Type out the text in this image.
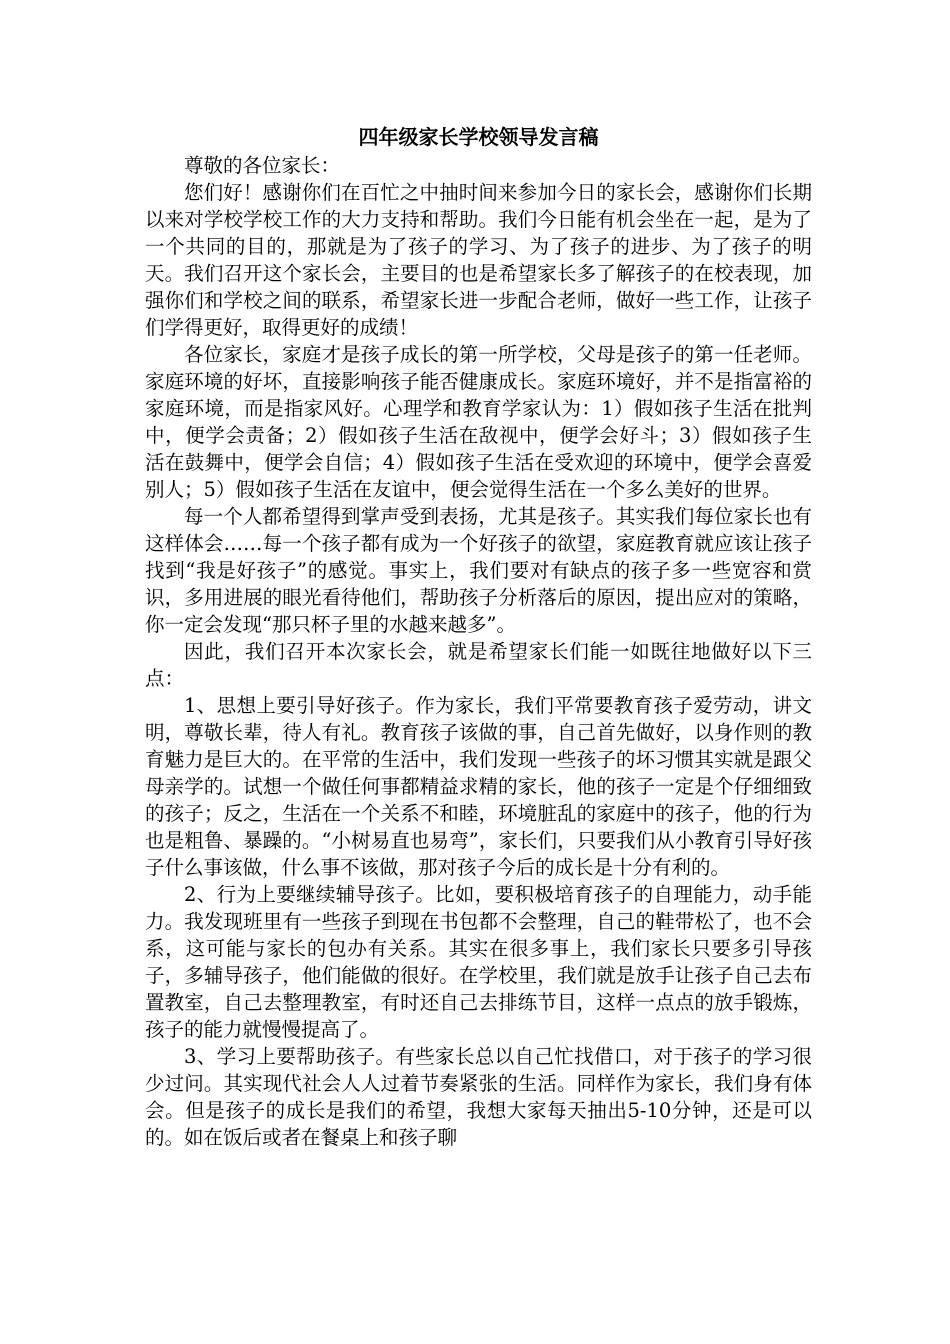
四年级家长学校领导发言稿

尊敬的各位家长：

您们好！感谢你们在百忙之中抽时间来参加今日的家长会，感谢你们长期以来对学校学校工作的大力支持和帮助。我们今日能有机会坐在一起，是为了一个共同的目的，那就是为了孩子的学习、为了孩子的进步、为了孩子的明天。我们召开这个家长会，主要目的也是希望家长多了解孩子的在校表现，加强你们和学校之间的联系，希望家长进一步配合老师，做好一些工作，让孩子们学得更好，取得更好的成绩！

各位家长，家庭才是孩子成长的第一所学校，父母是孩子的第一任老师。家庭环境的好坏，直接影响孩子能否健康成长。家庭环境好，并不是指富裕的家庭环境，而是指家风好。心理学和教育学家认为：1）假如孩子生活在批判中，便学会责备；2）假如孩子生活在敌视中，便学会好斗；3）假如孩子生活在鼓舞中，便学会自信；4）假如孩子生活在受欢迎的环境中，便学会喜爱别人；5）假如孩子生活在友谊中，便会觉得生活在一个多么美好的世界。

每一个人都希望得到掌声受到表扬，尤其是孩子。其实我们每位家长也有这样体会……每一个孩子都有成为一个好孩子的欲望，家庭教育就应该让孩子找到“我是好孩子”的感觉。事实上，我们要对有缺点的孩子多一些宽容和赏识，多用进展的眼光看待他们，帮助孩子分析落后的原因，提出应对的策略，你一定会发现“那只杯子里的水越来越多”。

因此，我们召开本次家长会，就是希望家长们能一如既往地做好以下三点：

1、思想上要引导好孩子。作为家长，我们平常要教育孩子爱劳动，讲文明，尊敬长辈，待人有礼。教育孩子该做的事，自己首先做好，以身作则的教育魅力是巨大的。在平常的生活中，我们发现一些孩子的坏习惯其实就是跟父母亲学的。试想一个做任何事都精益求精的家长，他的孩子一定是个仔细细致的孩子；反之，生活在一个关系不和睦，环境脏乱的家庭中的孩子，他的行为也是粗鲁、暴躁的。“小树易直也易弯”，家长们，只要我们从小教育引导好孩子什么事该做，什么事不该做，那对孩子今后的成长是十分有利的。

2、行为上要继续辅导孩子。比如，要积极培育孩子的自理能力，动手能力。我发现班里有一些孩子到现在书包都不会整理，自己的鞋带松了，也不会系，这可能与家长的包办有关系。其实在很多事上，我们家长只要多引导孩子，多辅导孩子，他们能做的很好。在学校里，我们就是放手让孩子自己去布置教室，自己去整理教室，有时还自己去排练节目，这样一点点的放手锻炼，孩子的能力就慢慢提高了。

3、学习上要帮助孩子。有些家长总以自己忙找借口，对于孩子的学习很少过问。其实现代社会人人过着节奏紧张的生活。同样作为家长，我们身有体会。但是孩子的成长是我们的希望，我想大家每天抽出5-10分钟，还是可以的。如在饭后或者在餐桌上和孩子聊
